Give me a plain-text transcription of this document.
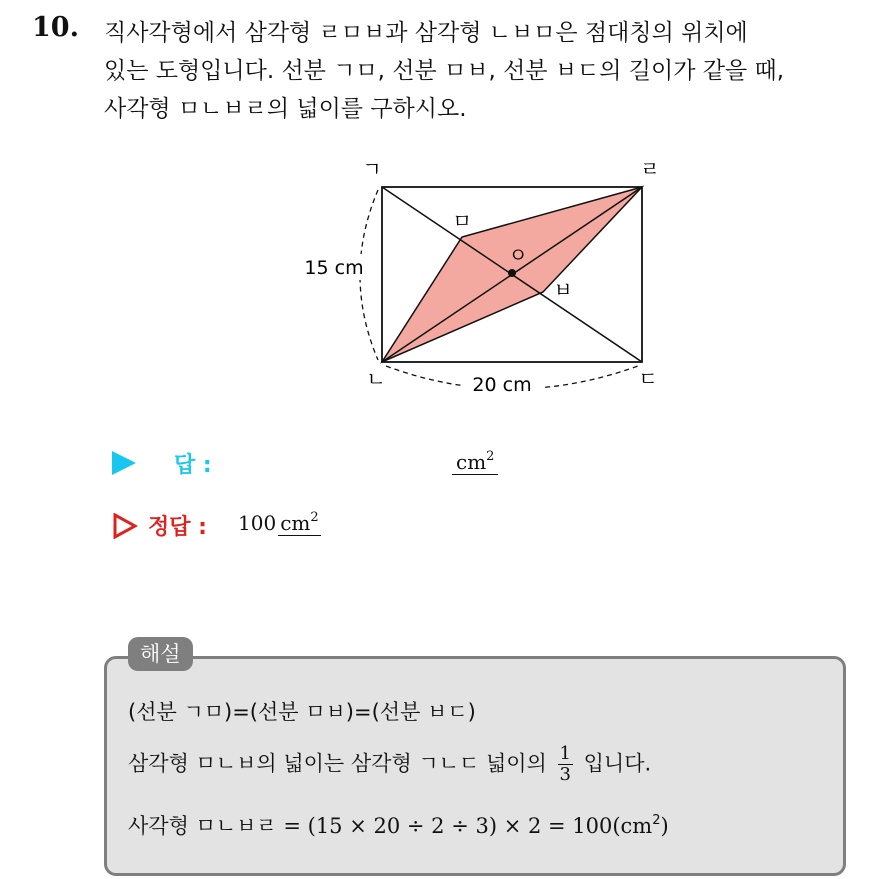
10. 직사각형에서 삼각형 ㄹㅁㅂ과 삼각형 ㄴㅂㅁ은 점대칭의 위치에
있는 도형입니다. 선분 ㄱㅁ, 선분 ㅁㅂ, 선분 ㅂㄷ의 길이가 같을 때,
사각형 ㅁㄴㅂㄹ의 넓이를 구하시오.
ㄱ	ㄹ
ㄴ	ㄷ
ㅁ
ㅂ
ㅇ
15 cm
20 cm
답 :	$cm^2$
정답 : 100 $cm^2$
해설
(선분 ㄱㅁ)=(선분 ㅁㅂ)=(선분 ㅂㄷ)
삼각형 ㅁㄴㅂ의 넓이는 삼각형 ㄱㄴㄷ 넓이의 $\frac{1}{3}$ 입니다.
사각형 ㅁㄴㅂㄹ = $(15 \times 20 \div 2 \div 3) \times 2 = 100(cm^2)$
